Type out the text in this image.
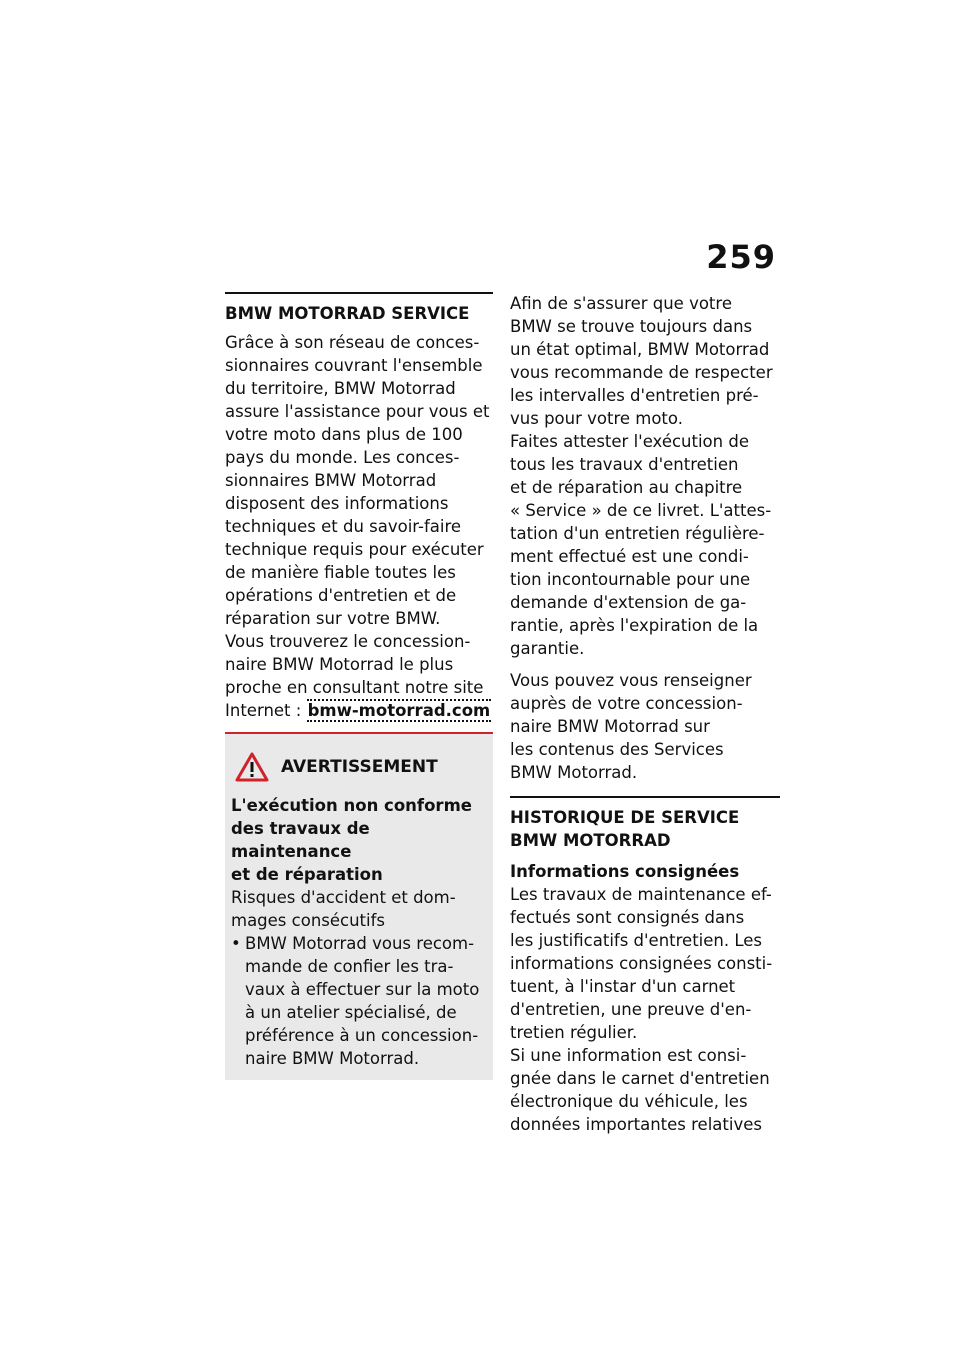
259
BMW MOTORRAD SERVICE

Grâce à son réseau de conces-

sionnaires couvrant l'ensemble

du territoire, BMW Motorrad

assure l'assistance pour vous et

votre moto dans plus de 100

pays du monde. Les conces-

sionnaires BMW Motorrad

disposent des informations

techniques et du savoir-faire

technique requis pour exécuter

de manière fiable toutes les

opérations d'entretien et de

réparation sur votre BMW.

Vous trouverez le concession-

naire BMW Motorrad le plus

proche en consultant notre site

Internet : bmw-motorrad.com

AVERTISSEMENT

L'exécution non conforme

des travaux de maintenance

et de réparation

Risques d'accident et dom-

mages consécutifs

• BMW Motorrad vous recom-
mande de confier les tra-
vaux à effectuer sur la moto
à un atelier spécialisé, de
préférence à un concession-
naire BMW Motorrad.

Afin de s'assurer que votre

BMW se trouve toujours dans

un état optimal, BMW Motorrad

vous recommande de respecter

les intervalles d'entretien pré-

vus pour votre moto.

Faites attester l'exécution de

tous les travaux d'entretien

et de réparation au chapitre

« Service » de ce livret. L'attes-

tation d'un entretien régulière-

ment effectué est une condi-

tion incontournable pour une

demande d'extension de ga-

rantie, après l'expiration de la

garantie.

Vous pouvez vous renseigner

auprès de votre concession-

naire BMW Motorrad sur

les contenus des Services

BMW Motorrad.

HISTORIQUE DE SERVICE
BMW MOTORRAD

Informations consignées

Les travaux de maintenance ef-

fectués sont consignés dans

les justificatifs d'entretien. Les

informations consignées consti-

tuent, à l'instar d'un carnet

d'entretien, une preuve d'en-

tretien régulier.

Si une information est consi-

gnée dans le carnet d'entretien

électronique du véhicule, les

données importantes relatives
